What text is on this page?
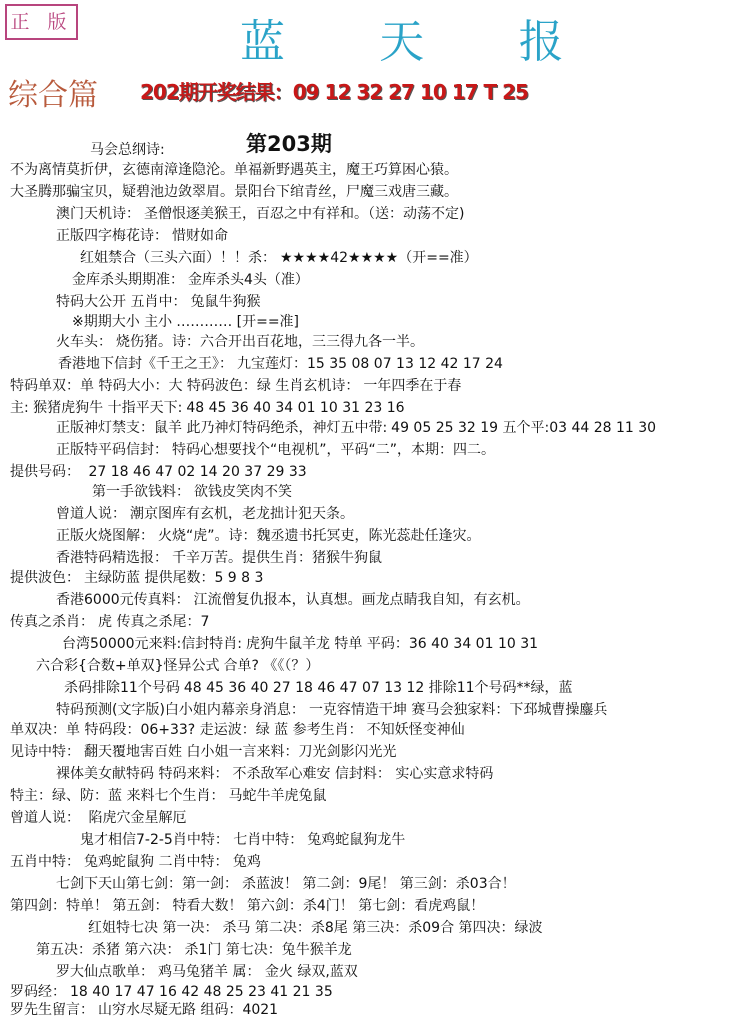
正 版	蓝 天 报
综合篇 202期开奖结果：09 12 32 27 10 17 T 25
第203期
马会总纲诗:
不为离情莫折伊，玄德南漳逢隐沦。单福新野遇英主，魔王巧算困心猿。
大圣腾那骗宝贝，疑碧池边敛翠眉。景阳台下绾青丝，尸魔三戏唐三藏。
澳门天机诗： 圣僧恨逐美猴王，百忍之中有祥和。（送：动荡不定)
正版四字梅花诗： 惜财如命
红姐禁合（三头六面）！！杀： ★★★★42★★★★（开==准）
金库杀头期期准： 金库杀头4头（准）
特码大公开 五肖中： 兔鼠牛狗猴
※期期大小 主小 ………… [开==准]
火车头： 烧伤猪。诗：六合开出百花地，三三得九各一半。
香港地下信封《千王之王》： 九宝莲灯：15 35 08 07 13 12 42 17 24
特码单双：单 特码大小：大 特码波色：绿 生肖玄机诗： 一年四季在于春
主: 猴猪虎狗牛 十指平天下: 48 45 36 40 34 01 10 31 23 16
正版神灯禁支：鼠羊 此乃神灯特码绝杀，神灯五中带: 49 05 25 32 19 五个平:03 44 28 11 30
正版特平码信封： 特码心想要找个“电视机”，平码“二”，本期：四二。
提供号码： 27 18 46 47 02 14 20 37 29 33
第一手欲钱料： 欲钱皮笑肉不笑
曾道人说： 潮京图库有玄机，老龙拙计犯天条。
正版火烧图解： 火烧“虎”。诗：魏丞遗书托冥吏，陈光蕊赴任逢灾。
香港特码精选报： 千辛万苦。提供生肖：猪猴牛狗鼠
提供波色： 主绿防蓝 提供尾数：5 9 8 3
香港6000元传真料： 江流僧复仇报本，认真想。画龙点睛我自知，有玄机。
传真之杀肖： 虎 传真之杀尾：7
台湾50000元来料:信封特肖: 虎狗牛鼠羊龙 特单 平码：36 40 34 01 10 31
六合彩{合数+单双}怪异公式 合单? 《《（？）
杀码排除11个号码 48 45 36 40 27 18 46 47 07 13 12 排除11个号码**绿，蓝
特码预测(文字版)白小姐内幕亲身消息： 一克容情造干坤 赛马会独家料：下邳城曹操鏖兵
单双决：单 特码段：06+33? 走运波：绿 蓝 参考生肖： 不知妖怪变神仙
见诗中特： 翻天覆地害百姓 白小姐一言来料：刀光剑影闪光光
裸体美女献特码 特码来料： 不杀敌军心难安 信封料： 实心实意求特码
特主：绿、防：蓝 来料七个生肖： 马蛇牛羊虎兔鼠
曾道人说： 陷虎穴金星解厄
鬼才相信7-2-5肖中特： 七肖中特： 兔鸡蛇鼠狗龙牛
五肖中特： 兔鸡蛇鼠狗 二肖中特： 兔鸡
七剑下天山第七剑：第一剑： 杀蓝波！ 第二剑：9尾！ 第三剑：杀03合！
第四剑：特单！ 第五剑： 特看大数！ 第六剑：杀4门！ 第七剑：看虎鸡鼠！
红姐特七决 第一决： 杀马 第二决：杀8尾 第三决：杀09合 第四决：绿波
第五决：杀猪 第六决： 杀1门 第七决：兔牛猴羊龙
罗大仙点歌单： 鸡马兔猪羊 属： 金火 绿双,蓝双
罗码经： 18 40 17 47 16 42 48 25 23 41 21 35
罗先生留言： 山穷水尽疑无路 组码：4021
